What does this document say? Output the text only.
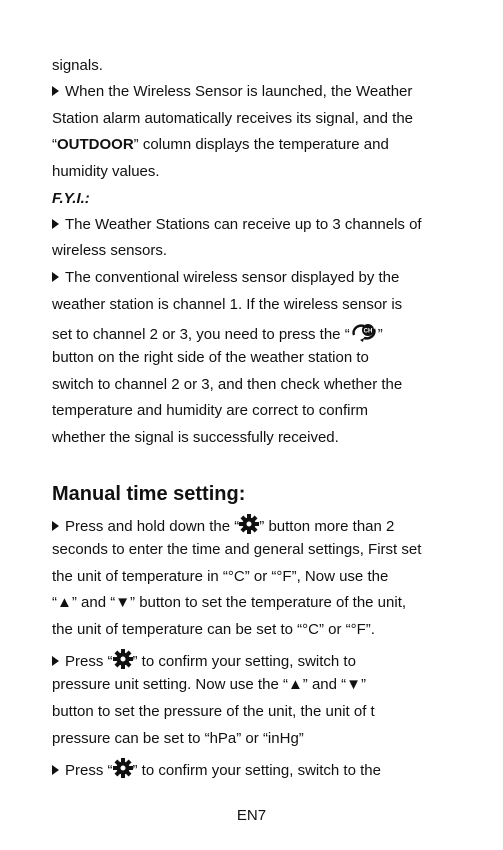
signals.
When the Wireless Sensor is launched, the Weather
Station alarm automatically receives its signal, and the
“OUTDOOR” column displays the temperature and
humidity values.
F.Y.I.:
The Weather Stations can receive up to 3 channels of
wireless sensors.
The conventional wireless sensor displayed by the
weather station is channel 1. If the wireless sensor is
set to channel 2 or 3, you need to press the “ CH ”
button on the right side of the weather station to
switch to channel 2 or 3, and then check whether the
temperature and humidity are correct to confirm
whether the signal is successfully received.
Manual time setting:
Press and hold down the “ ” button more than 2
seconds to enter the time and general settings, First set
the unit of temperature in “°C” or “°F”, Now use the
“▲” and “▼” button to set the temperature of the unit,
the unit of temperature can be set to “°C” or “°F”.
Press “ ” to confirm your setting, switch to
pressure unit setting. Now use the “▲” and “▼”
button to set the pressure of the unit, the unit of t
pressure can be set to “hPa” or “inHg”
Press “ ” to confirm your setting, switch to the
EN7
